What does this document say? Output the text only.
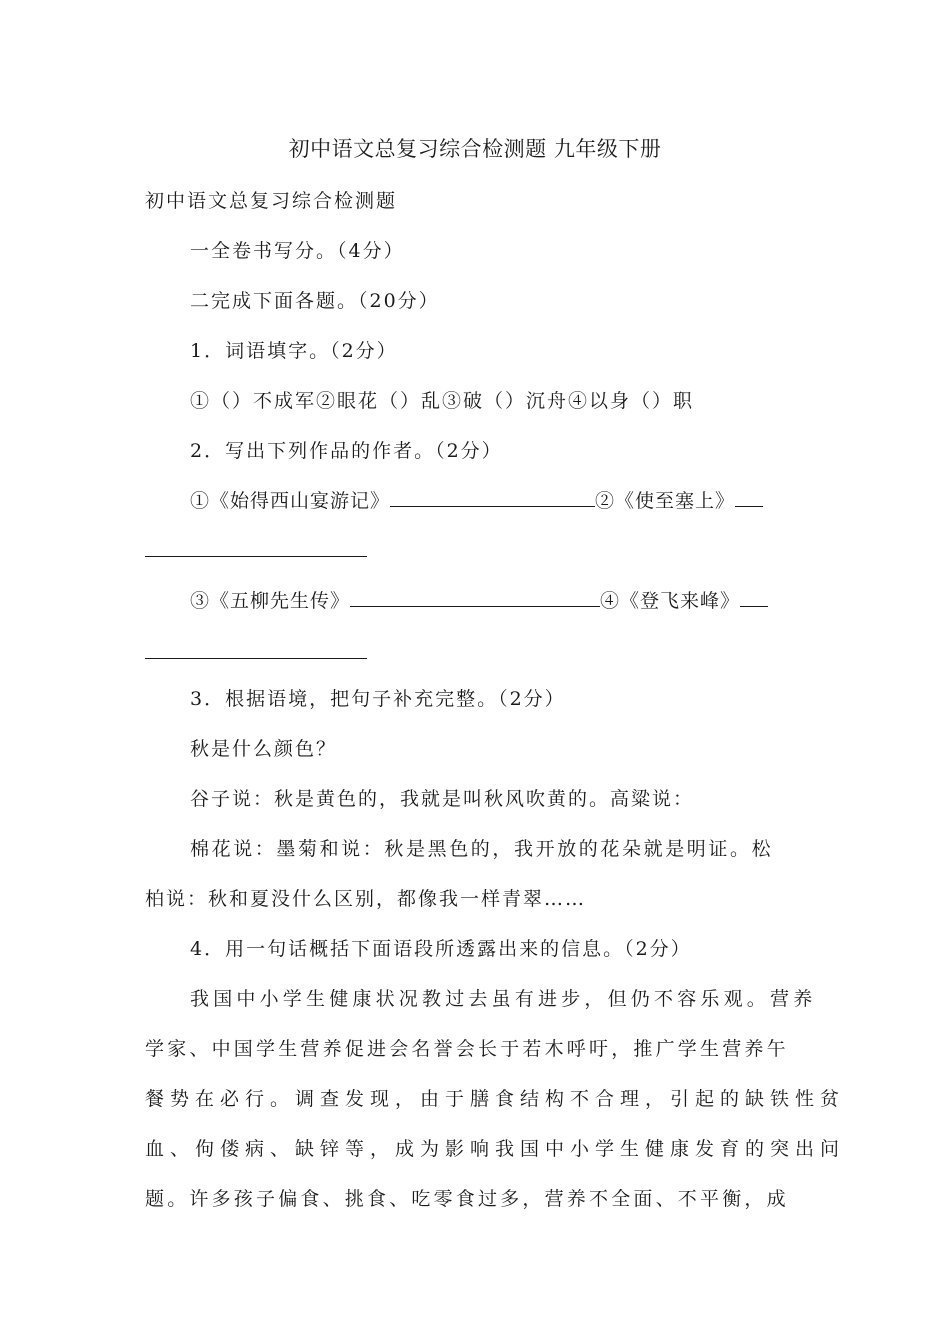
初中语文总复习综合检测题 九年级下册
初中语文总复习综合检测题
一全卷书写分。（4分）
二完成下面各题。（20分）
1．词语填字。（2分）
①（）不成军②眼花（）乱③破（）沉舟④以身（）职
2．写出下列作品的作者。（2分）
①《始得西山宴游记》	②《使至塞上》
③《五柳先生传》	④《登飞来峰》
3．根据语境，把句子补充完整。（2分）
秋是什么颜色？
谷子说：秋是黄色的，我就是叫秋风吹黄的。高粱说：
棉花说：墨菊和说：秋是黑色的，我开放的花朵就是明证。松
柏说：秋和夏没什么区别，都像我一样青翠……
4．用一句话概括下面语段所透露出来的信息。（2分）
我国中小学生健康状况教过去虽有进步，但仍不容乐观。营养
学家、中国学生营养促进会名誉会长于若木呼吁，推广学生营养午
餐势在必行。调查发现，由于膳食结构不合理，引起的缺铁性贫
血、佝偻病、缺锌等，成为影响我国中小学生健康发育的突出问
题。许多孩子偏食、挑食、吃零食过多，营养不全面、不平衡，成
